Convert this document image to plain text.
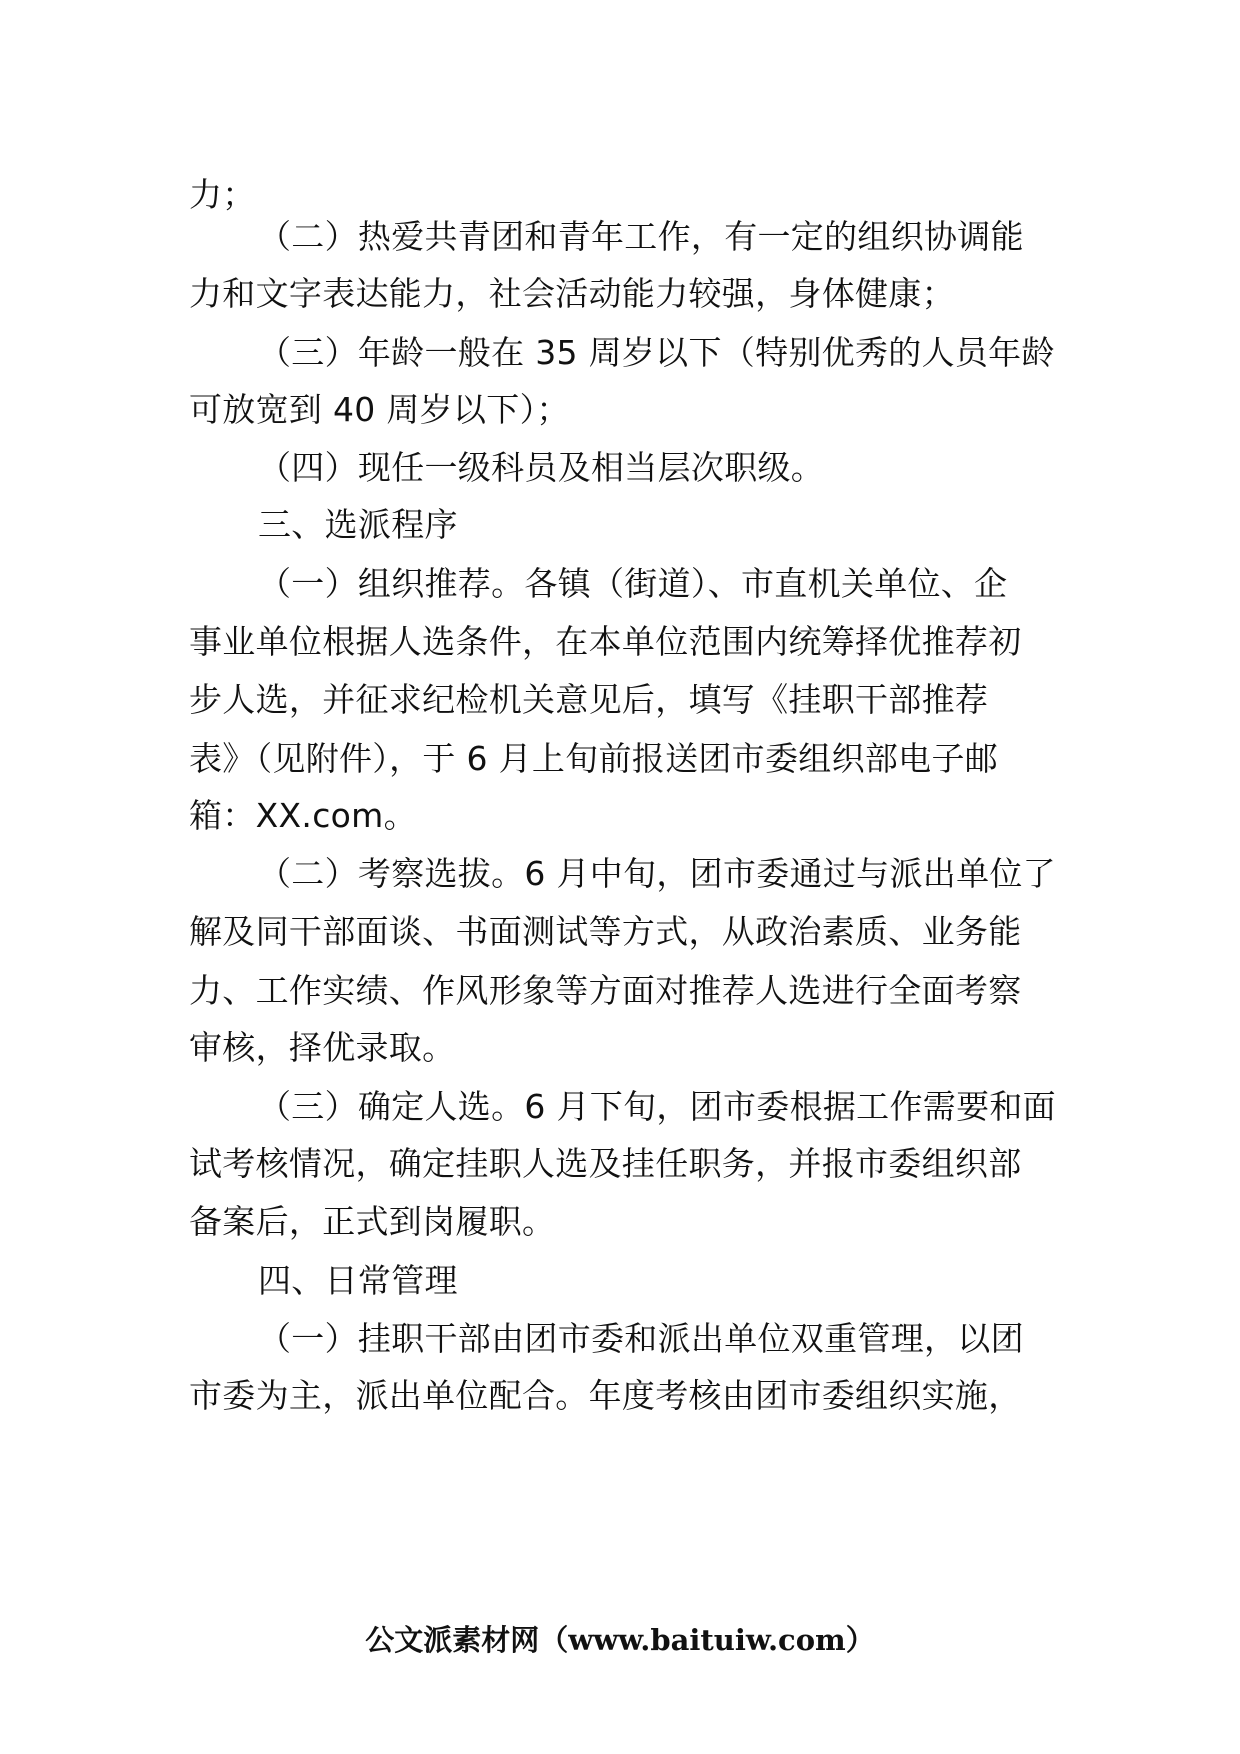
力；
（二）热爱共青团和青年工作，有一定的组织协调能
力和文字表达能力，社会活动能力较强，身体健康；
（三）年龄一般在 35 周岁以下（特别优秀的人员年龄
可放宽到 40 周岁以下）；
（四）现任一级科员及相当层次职级。
三、选派程序
（一）组织推荐。各镇（街道）、市直机关单位、企
事业单位根据人选条件，在本单位范围内统筹择优推荐初
步人选，并征求纪检机关意见后，填写《挂职干部推荐
表》（见附件），于 6 月上旬前报送团市委组织部电子邮
箱：XX.com。
（二）考察选拔。6 月中旬，团市委通过与派出单位了
解及同干部面谈、书面测试等方式，从政治素质、业务能
力、工作实绩、作风形象等方面对推荐人选进行全面考察
审核，择优录取。
（三）确定人选。6 月下旬，团市委根据工作需要和面
试考核情况，确定挂职人选及挂任职务，并报市委组织部
备案后，正式到岗履职。
四、日常管理
（一）挂职干部由团市委和派出单位双重管理，以团
市委为主，派出单位配合。年度考核由团市委组织实施，
公文派素材网（www.baituiw.com）
